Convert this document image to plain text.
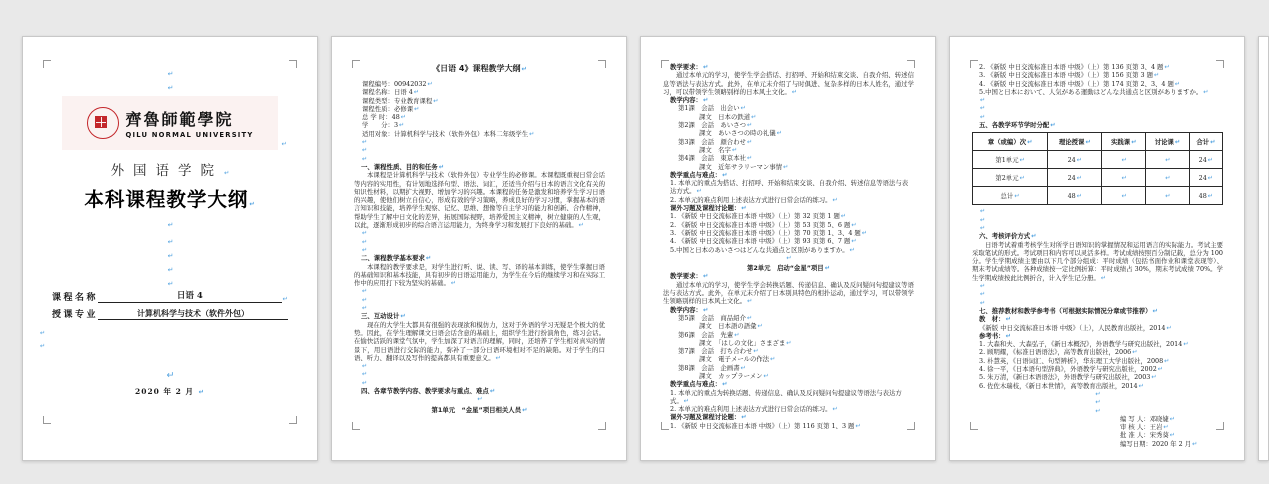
↵
↵
齊魯師範學院
QILU NORMAL UNIVERSITY
↵
外国语学院↵
本科课程教学大纲↵
↵
↵
↵
↵
↵
课程名称	日语 4	↵
授课专业	计算机科学与技术（软件外包）
↵
↵
↵
2020 年 2 月 ↵
《日语 4》课程教学大纲↵
课程编号：00942032↵
课程名称：日语 4↵
课程类型：专业教育课程↵
课程性质：必修课↵
总 学 时：48↵
学　　分：3↵
适用对象：计算机科学与技术（软件外包）本科二年级学生↵
↵
↵
↵
一、课程性质、目的和任务↵
本课程是计算机科学与技术（软件外包）专业学生的必修课。本课程既重视日常会话等内容的实用性，有计划地选择句型、语法、词汇，还适当介绍与日本的语言文化有关的知识性材料，以期扩大视野、增加学习的兴趣。本课程的任务是激发和培养学生学习日语的兴趣，使他们树立自信心，形成有效的学习策略，养成良好的学习习惯，掌握基本的语言知识和技能，培养学生观察、记忆、思维、想像等自主学习的能力和创新、合作精神，帮助学生了解中日文化的差异，拓展国际视野，培养爱国主义精神，树立健康的人生观，以此，逐渐形成初步的综合语言运用能力，为终身学习和发展打下良好的基础。↵
↵
↵
↵
二、课程教学基本要求↵
本课程的教学要求是，对学生进行听、说、读、写、译的基本训练，使学生掌握日语的基础知识和基本技能，具有初步的日语运用能力，为学生在今后的继续学习和在实际工作中的应用打下较为坚实的基础。↵
↵
↵
↵
三、互动设计↵
现在的大学生大都具有很强的表现欲和模仿力，这对于外语的学习无疑是个极大的优势。因此，在学生理解课文日语会话含意的基础上，组织学生进行扮演角色，练习会话。在愉快活跃的课堂气氛中，学生加深了对语言的理解，同时，还培养了学生相对真实的情景下，用日语进行交际的能力，弥补了一部分日语环境相对不足的缺陷。对于学生的口语、听力、翻译以及写作的提高都具有重要意义。↵
↵
↵
↵
四、各章节教学内容、教学要求与重点、难点↵
↵
第1单元　“金星”项目相关人员↵
教学要求：↵
通过本单元的学习，使学生学会搭话、打招呼、开始和结束交谈、自我介绍、转述信息等语法与表达方式。此外，在单元末介绍了与时俱进、复杂多样的日本人姓名，通过学习，可以带领学生领略别样的日本风土文化。↵
教学内容：↵
第1課　会話　出会い↵
課文　日本の鉄道↵
第2課　会話　あいさつ↵
課文　あいさつの時の礼儀↵
第3課　会話　顔合わせ↵
課文　名字↵
第4課　会話　東京本社↵
課文　近年サラリーマン事情↵
教学重点与难点：↵
1. 本单元的重点为搭话、打招呼、开始和结束交谈、自我介绍、转述信息等语法与表达方式。↵
2. 本单元的难点利用上述表达方式进行日常会话的练习。↵
课外习题及课程讨论题：↵
1. 《新版 中日交流标准日本语 中级》（上）第 32 页第 1 题↵
2. 《新版 中日交流标准日本语 中级》（上）第 53 页第 5、6 题↵
3. 《新版 中日交流标准日本语 中级》（上）第 70 页第 1、3、4 题↵
4. 《新版 中日交流标准日本语 中级》（上）第 93 页第 6、7 题↵
5.中国と日本のあいさつはどんな共通点と区別がありますか。↵
↵
第2单元　启动“金星”项目↵
教学要求：↵
通过本单元的学习，使学生学会转换话题、传递信息、确认及反问疑问句提建议等语法与表达方式。此外，在单元末介绍了日本别具特色的相扑运动，通过学习，可以带领学生领略别样的日本风土文化。↵
教学内容：↵
第5課　会話　商品紹介↵
課文　日本語の語彙↵
第6課　会話　先輩↵
課文　「はしの文化」さまざま↵
第7課　会話　打ち合わせ↵
課文　電子メールの作法↵
第8課　会話　企画書↵
課文　カップラーメン↵
教学重点与难点：↵
1. 本单元的重点为转换话题、传递信息、确认及反问疑问句提建议等语法与表达方式。↵
2. 本单元的难点利用上述表达方式进行日常会话的练习。↵
课外习题及课程讨论题：↵
1. 《新版 中日交流标准日本语 中级》（上）第 116 页第 1、3 题↵
2. 《新版 中日交流标准日本语 中级》（上）第 136 页第 3、4 题↵
3. 《新版 中日交流标准日本语 中级》（上）第 156 页第 3 题↵
4. 《新版 中日交流标准日本语 中级》（上）第 174 页第 2、3、4 题↵
5.中国と日本において、人気がある運動はどんな共通点と区別がありますか。↵
↵
↵
↵
五、各教学环节学时分配↵
章（或编）次↵	理论授课↵	实践课↵	讨论课↵	合计↵
第1单元↵	24↵	↵	↵	24↵
第2单元↵	24↵	↵	↵	24↵
总计↵	48↵	↵	↵	48↵
↵
↵
↵
六、考核评价方式↵
日语考试着重考核学生对所学日语知识的掌握情况和运用语言的实际能力。考试主要采取笔试的形式。考试项目和内容可以灵活多样。考试成绩按照百分制记载，总分为 100 分。学生学期成绩主要由以下几个部分组成：平时成绩（包括书面作业和课堂表现等）、期末考试成绩等。各种成绩按一定比例折算：平时成绩占 30%，期末考试成绩 70%。学生学期成绩按此比例折合，计入学生记分册。↵
↵
↵
↵
七、推荐教材和教学参考书（可根据实际情况分章或节推荐）↵
教　材：↵
《新版 中日交流标准日本语 中级》（上），人民教育出版社，2014↵
参考书：↵
1. 大森和夫、大森弘子，《新日本概況》，外语教学与研究出版社，2014↵
2. 顾明耀，《标准日语语法》，高等教育出版社，2006↵
3. 朴慧英，《日语词汇、句型辨析》，华东理工大学出版社，2008↵
4. 徐一平，《日本语句型辞典》，外语教学与研究出版社，2002↵
5. 朱万清，《新日本语语法》，外语教学与研究出版社，2003↵
6. 佐佐木瑞枝，《新日本世情》，高等教育出版社，2014↵
↵
↵
↵
编 写 人：邓晓婕↵
审 核 人：王岩↵
批 准 人：宋秀葵↵
编写日期：2020 年 2 月↵
